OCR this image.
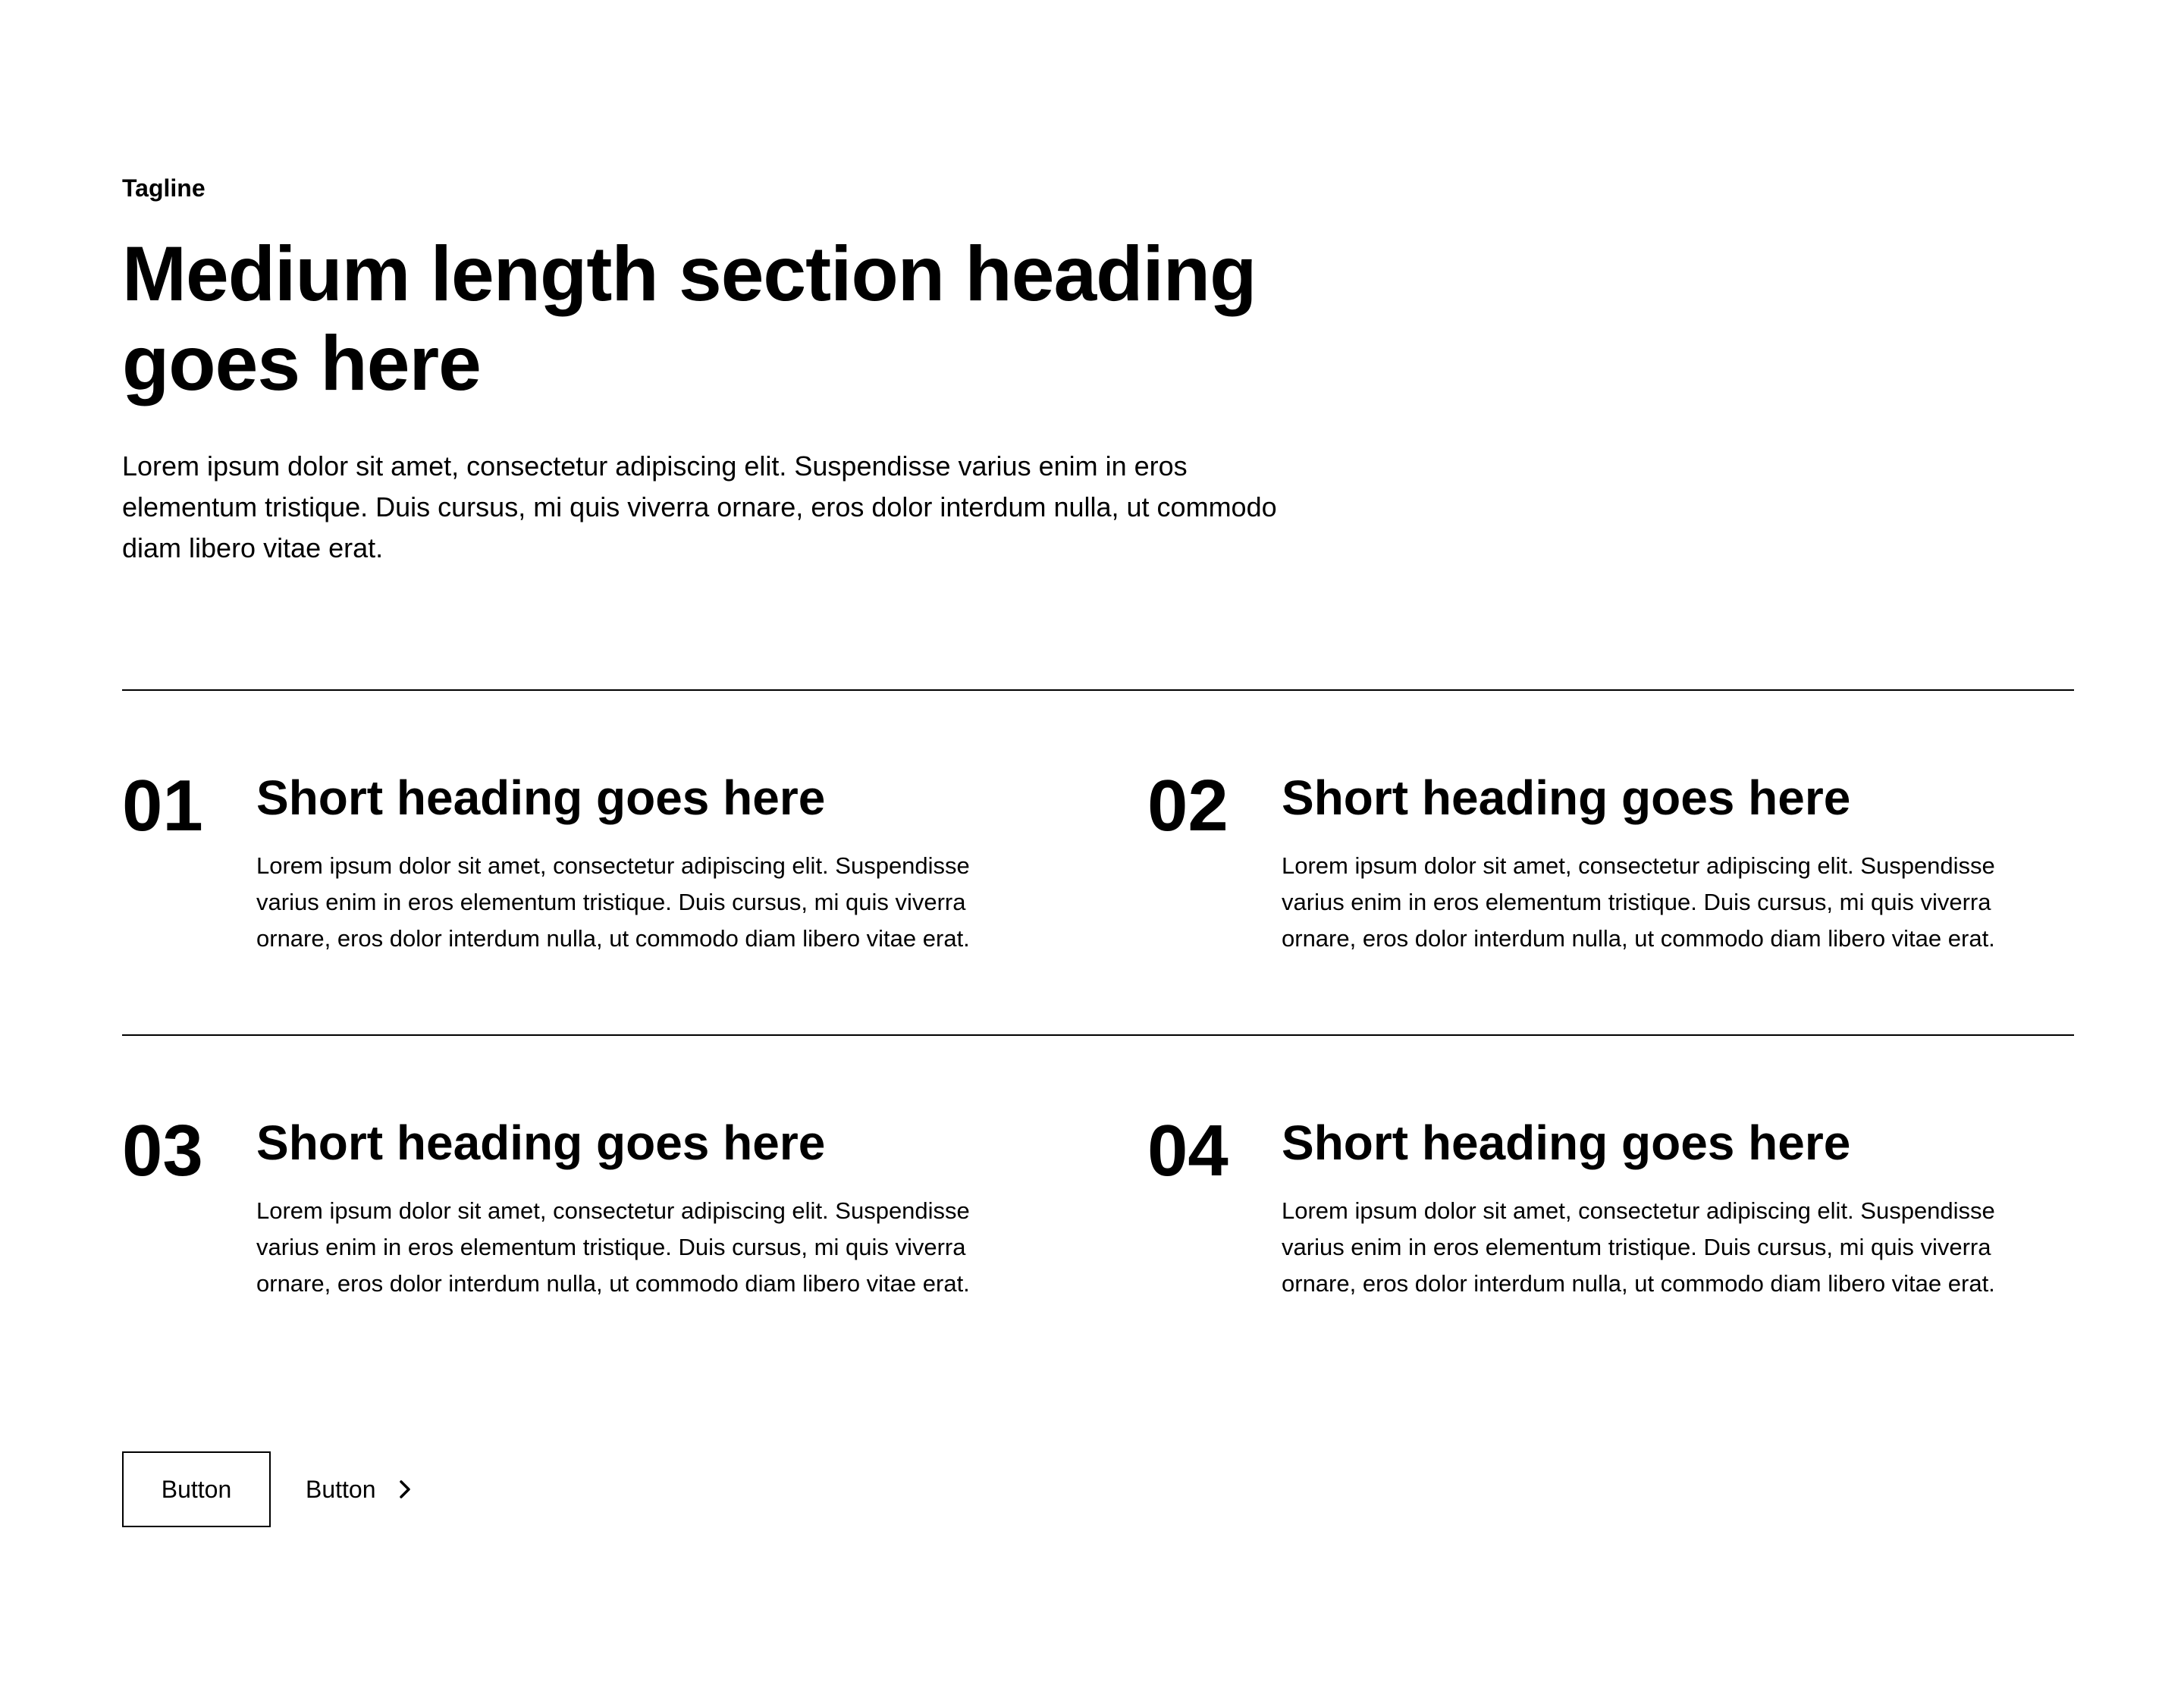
Tagline
Medium length section heading goes here

Lorem ipsum dolor sit amet, consectetur adipiscing elit. Suspendisse varius enim in eros elementum tristique. Duis cursus, mi quis viverra ornare, eros dolor interdum nulla, ut commodo diam libero vitae erat.

01 Short heading goes here

Lorem ipsum dolor sit amet, consectetur adipiscing elit. Suspendisse varius enim in eros elementum tristique. Duis cursus, mi quis viverra ornare, eros dolor interdum nulla, ut commodo diam libero vitae erat.

02 Short heading goes here

Lorem ipsum dolor sit amet, consectetur adipiscing elit. Suspendisse varius enim in eros elementum tristique. Duis cursus, mi quis viverra ornare, eros dolor interdum nulla, ut commodo diam libero vitae erat.

03 Short heading goes here

Lorem ipsum dolor sit amet, consectetur adipiscing elit. Suspendisse varius enim in eros elementum tristique. Duis cursus, mi quis viverra ornare, eros dolor interdum nulla, ut commodo diam libero vitae erat.

04 Short heading goes here

Lorem ipsum dolor sit amet, consectetur adipiscing elit. Suspendisse varius enim in eros elementum tristique. Duis cursus, mi quis viverra ornare, eros dolor interdum nulla, ut commodo diam libero vitae erat.

Button	Button
